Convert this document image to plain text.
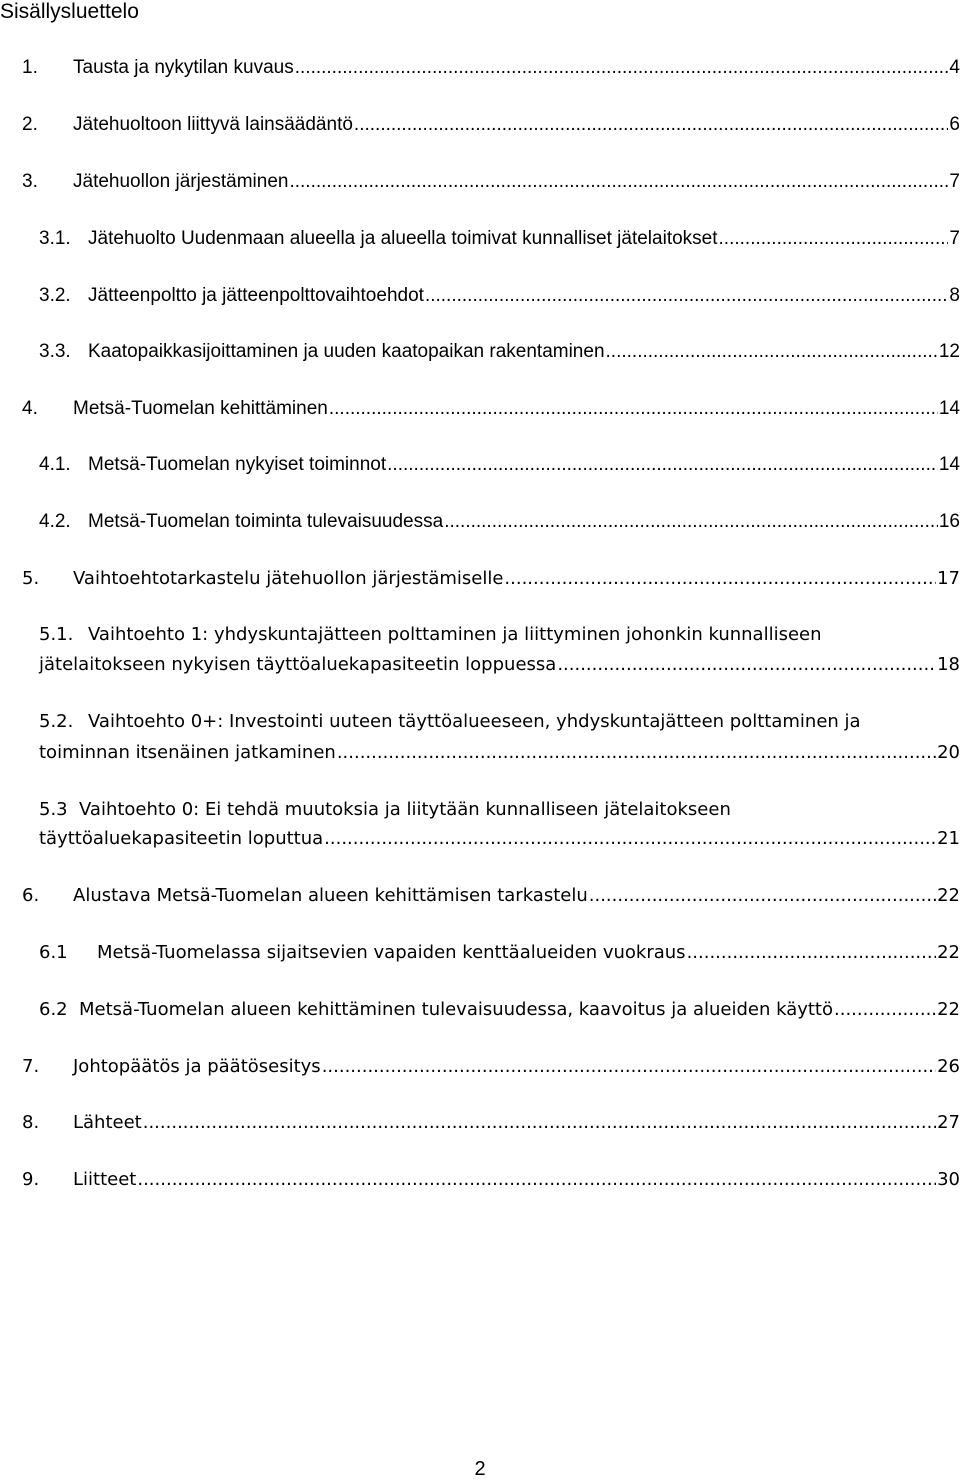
Sisällysluettelo
1. Tausta ja nykytilan kuvaus .....	4
2. Jätehuoltoon liittyvä lainsäädäntö .....	6
3. Jätehuollon järjestäminen .....	7
3.1. Jätehuolto Uudenmaan alueella ja alueella toimivat kunnalliset jätelaitokset .....	7
3.2. Jätteenpoltto ja jätteenpolttovaihtoehdot .....	8
3.3. Kaatopaikkasijoittaminen ja uuden kaatopaikan rakentaminen .....	12
4. Metsä-Tuomelan kehittäminen .....	14
4.1. Metsä-Tuomelan nykyiset toiminnot .....	14
4.2. Metsä-Tuomelan toiminta tulevaisuudessa .....	16
5. Vaihtoehtotarkastelu jätehuollon järjestämiselle .....	17
5.1. Vaihtoehto 1: yhdyskuntajätteen polttaminen ja liittyminen johonkin kunnalliseen
jätelaitokseen nykyisen täyttöaluekapasiteetin loppuessa .....	18
5.2. Vaihtoehto 0+: Investointi uuteen täyttöalueeseen, yhdyskuntajätteen polttaminen ja
toiminnan itsenäinen jatkaminen .....	20
5.3 Vaihtoehto 0: Ei tehdä muutoksia ja liitytään kunnalliseen jätelaitokseen
täyttöaluekapasiteetin loputtua .....	21
6. Alustava Metsä-Tuomelan alueen kehittämisen tarkastelu .....	22
6.1 Metsä-Tuomelassa sijaitsevien vapaiden kenttäalueiden vuokraus .....	22
6.2 Metsä-Tuomelan alueen kehittäminen tulevaisuudessa, kaavoitus ja alueiden käyttö .....	22
7. Johtopäätös ja päätösesitys .....	26
8. Lähteet .....	27
9. Liitteet .....	30
2
